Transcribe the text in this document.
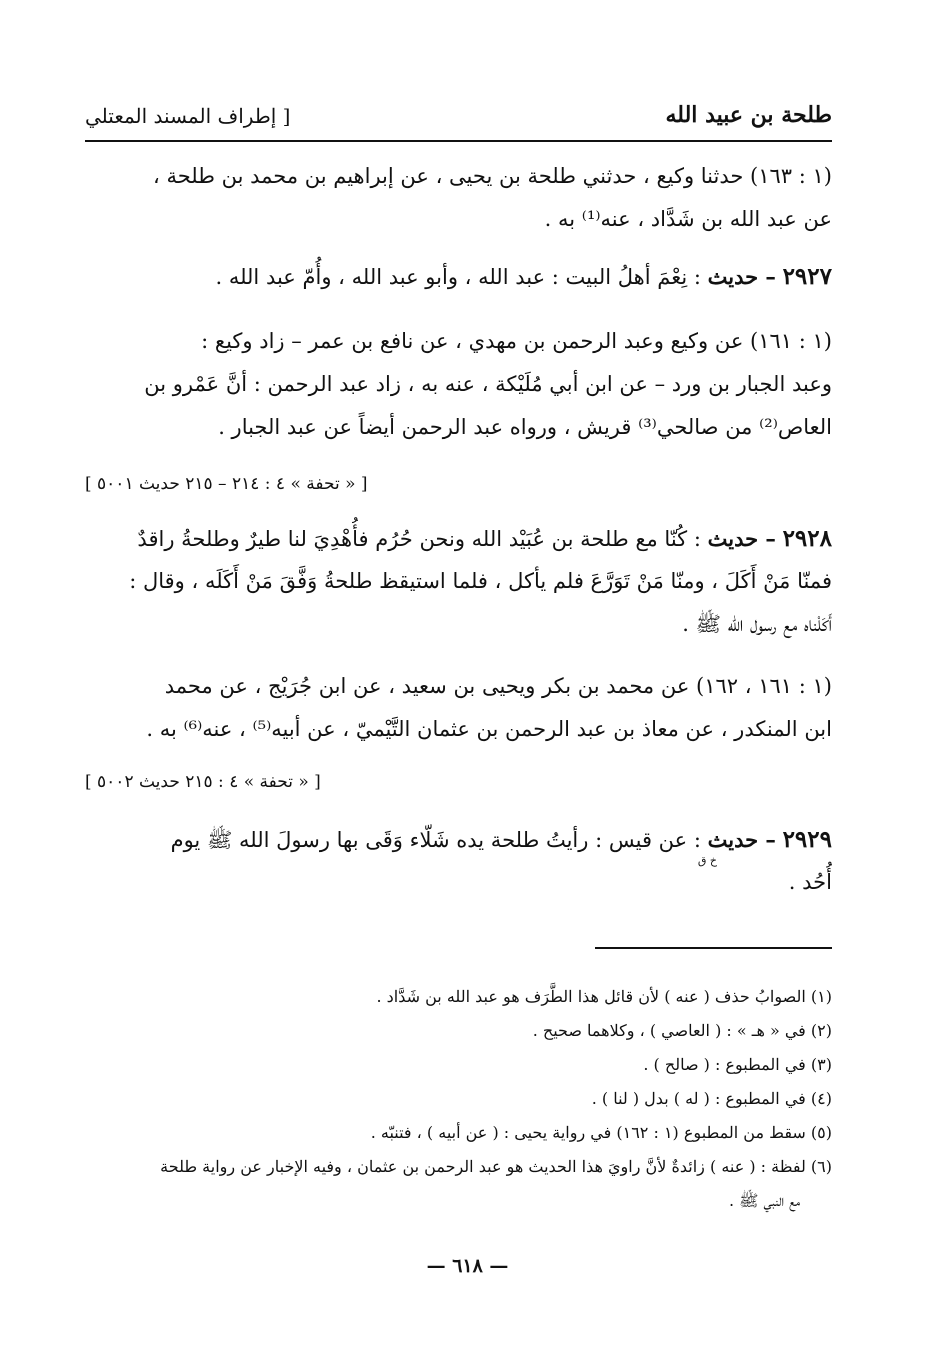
طلحة بن عبيد الله
[ إطراف المسند المعتلي
(١ : ١٦٣) حدثنا وكيع ، حدثني طلحة بن يحيى ، عن إبراهيم بن محمد بن طلحة ،
عن عبد الله بن شَدَّاد ، عنه⁽¹⁾ به .
٢٩٢٧ – حديث : نِعْمَ أهلُ البيت : عبد الله ، وأبو عبد الله ، وأُمّ عبد الله .
(١ : ١٦١) عن وكيع وعبد الرحمن بن مهدي ، عن نافع بن عمر – زاد وكيع :
وعبد الجبار بن ورد – عن ابن أبي مُلَيْكة ، عنه به ، زاد عبد الرحمن : أنَّ عَمْرو بن
العاص⁽²⁾ من صالحي⁽³⁾ قريش ، ورواه عبد الرحمن أيضاً عن عبد الجبار .
[ « تحفة » ٤ : ٢١٤ – ٢١٥ حديث ٥٠٠١ ]
٢٩٢٨ – حديث : كُنّا مع طلحة بن عُبَيْد الله ونحن حُرُم فأُهْدِيَ لنا طيرٌ وطلحةُ راقدٌ
فمنّا مَنْ أَكَلَ ، ومنّا مَنْ تَوَرَّعَ فلم يأكل ، فلما استيقظ طلحةُ وَفَّقَ مَنْ أَكَلَه ، وقال :
أَكَلْناه مع رسول الله ﷺ .
(١ : ١٦١ ، ١٦٢) عن محمد بن بكر ويحيى بن سعيد ، عن ابن جُرَيْج ، عن محمد
ابن المنكدر ، عن معاذ بن عبد الرحمن بن عثمان التَّيْميّ ، عن أبيه⁽⁵⁾ ، عنه⁽⁶⁾ به .
[ « تحفة » ٤ : ٢١٥ حديث ٥٠٠٢ ]
٢٩٢٩ – حديث : عن قيس : رأيتُ طلحة يده شَلّاء وَقَى بها رسولَ الله ﷺ يوم
أُحُد .
خ ق
(١) الصوابُ حذف ( عنه ) لأن قائل هذا الطَّرَف هو عبد الله بن شَدَّاد .
(٢) في « هـ » : ( العاصي ) ، وكلاهما صحيح .
(٣) في المطبوع : ( صالح ) .
(٤) في المطبوع : ( له ) بدل ( لنا ) .
(٥) سقط من المطبوع (١ : ١٦٢) في رواية يحيى : ( عن أبيه ) ، فتنبّه .
(٦) لفظة : ( عنه ) زائدةٌ لأنَّ راويَ هذا الحديث هو عبد الرحمن بن عثمان ، وفيه الإخبار عن رواية طلحة
مع النبي ﷺ .
— ٦١٨ —
